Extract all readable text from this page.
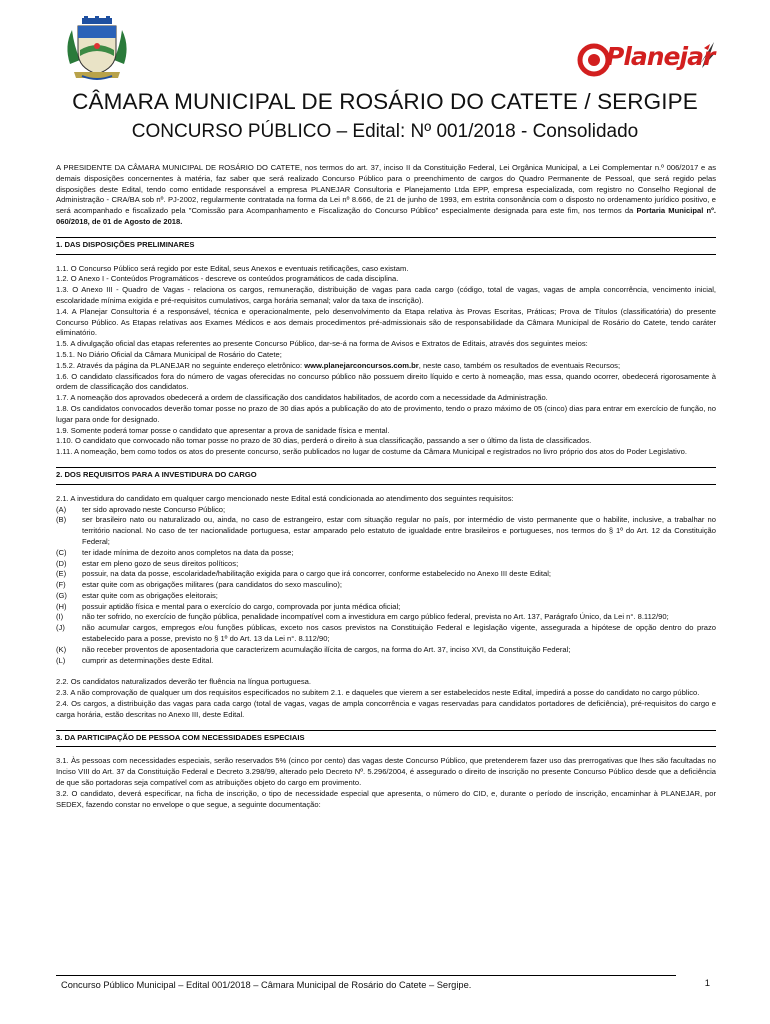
Planejar
CÂMARA MUNICIPAL DE ROSÁRIO DO CATETE / SERGIPE
CONCURSO PÚBLICO – Edital: Nº 001/2018 - Consolidado

A PRESIDENTE DA CÂMARA MUNICIPAL DE ROSÁRIO DO CATETE, nos termos do art. 37, inciso II da Constituição Federal, Lei Orgânica Municipal, a Lei Complementar n.º 006/2017 e as demais disposições concernentes à matéria, faz saber que será realizado Concurso Público para o preenchimento de cargos do Quadro Permanente de Pessoal, que será regido pelas disposições deste Edital, tendo como entidade responsável a empresa PLANEJAR Consultoria e Planejamento Ltda EPP, empresa especializada, com registro no Conselho Regional de Administração - CRA/BA sob nº. PJ-2002, regularmente contratada na forma da Lei nº 8.666, de 21 de junho de 1993, em estrita consonância com o disposto no ordenamento jurídico positivo, e será acompanhado e fiscalizado pela "Comissão para Acompanhamento e Fiscalização do Concurso Público" especialmente designada para este fim, nos termos da Portaria Municipal nº. 060/2018, de 01 de Agosto de 2018.

1. DAS DISPOSIÇÕES PRELIMINARES

1.1. O Concurso Público será regido por este Edital, seus Anexos e eventuais retificações, caso existam.

1.2. O Anexo I - Conteúdos Programáticos - descreve os conteúdos programáticos de cada disciplina.

1.3. O Anexo III - Quadro de Vagas - relaciona os cargos, remuneração, distribuição de vagas para cada cargo (código, total de vagas, vagas de ampla concorrência, vencimento inicial, escolaridade mínima exigida e pré-requisitos cumulativos, carga horária semanal; valor da taxa de inscrição).

1.4. A Planejar Consultoria é a responsável, técnica e operacionalmente, pelo desenvolvimento da Etapa relativa às Provas Escritas, Práticas; Prova de Títulos (classificatória) do presente Concurso Público. As Etapas relativas aos Exames Médicos e aos demais procedimentos pré-admissionais são de responsabilidade da Câmara Municipal de Rosário do Catete, tendo caráter eliminatório.

1.5. A divulgação oficial das etapas referentes ao presente Concurso Público, dar-se-á na forma de Avisos e Extratos de Editais, através dos seguintes meios:

1.5.1. No Diário Oficial da Câmara Municipal de Rosário do Catete;

1.5.2. Através da página da PLANEJAR no seguinte endereço eletrônico: www.planejarconcursos.com.br, neste caso, também os resultados de eventuais Recursos;

1.6. O candidato classificados fora do número de vagas oferecidas no concurso público não possuem direito líquido e certo à nomeação, mas essa, quando ocorrer, obedecerá rigorosamente à ordem de classificação dos candidatos.

1.7. A nomeação dos aprovados obedecerá a ordem de classificação dos candidatos habilitados, de acordo com a necessidade da Administração.

1.8. Os candidatos convocados deverão tomar posse no prazo de 30 dias após a publicação do ato de provimento, tendo o prazo máximo de 05 (cinco) dias para entrar em exercício de função, no lugar para onde for designado.

1.9. Somente poderá tomar posse o candidato que apresentar a prova de sanidade física e mental.

1.10. O candidato que convocado não tomar posse no prazo de 30 dias, perderá o direito à sua classificação, passando a ser o último da lista de classificados.

1.11. A nomeação, bem como todos os atos do presente concurso, serão publicados no lugar de costume da Câmara Municipal e registrados no livro próprio dos atos do Poder Legislativo.

2. DOS REQUISITOS PARA A INVESTIDURA DO CARGO

2.1. A investidura do candidato em qualquer cargo mencionado neste Edital está condicionada ao atendimento dos seguintes requisitos:

(A)	ter sido aprovado neste Concurso Público;
(B)	ser brasileiro nato ou naturalizado ou, ainda, no caso de estrangeiro, estar com situação regular no país, por intermédio de visto permanente que o habilite, inclusive, a trabalhar no território nacional. No caso de ter nacionalidade portuguesa, estar amparado pelo estatuto de igualdade entre brasileiros e portugueses, nos termos do § 1º do Art. 12 da Constituição Federal;
(C)	ter idade mínima de dezoito anos completos na data da posse;
(D)	estar em pleno gozo de seus direitos políticos;
(E)	possuir, na data da posse, escolaridade/habilitação exigida para o cargo que irá concorrer, conforme estabelecido no Anexo III deste Edital;
(F)	estar quite com as obrigações militares (para candidatos do sexo masculino);
(G)	estar quite com as obrigações eleitorais;
(H)	possuir aptidão física e mental para o exercício do cargo, comprovada por junta médica oficial;
(I)	não ter sofrido, no exercício de função pública, penalidade incompatível com a investidura em cargo público federal, prevista no Art. 137, Parágrafo Único, da Lei n°. 8.112/90;
(J)	não acumular cargos, empregos e/ou funções públicas, exceto nos casos previstos na Constituição Federal e legislação vigente, assegurada a hipótese de opção dentro do prazo estabelecido para a posse, previsto no § 1º do Art. 13 da Lei n°. 8.112/90;
(K)	não receber proventos de aposentadoria que caracterizem acumulação ilícita de cargos, na forma do Art. 37, inciso XVI, da Constituição Federal;
(L)	cumprir as determinações deste Edital.

2.2. Os candidatos naturalizados deverão ter fluência na língua portuguesa.

2.3. A não comprovação de qualquer um dos requisitos especificados no subitem 2.1. e daqueles que vierem a ser estabelecidos neste Edital, impedirá a posse do candidato no cargo público.

2.4. Os cargos, a distribuição das vagas para cada cargo (total de vagas, vagas de ampla concorrência e vagas reservadas para candidatos portadores de deficiência), pré-requisitos do cargo e carga horária, estão descritas no Anexo III, deste Edital.

3. DA PARTICIPAÇÃO DE PESSOA COM NECESSIDADES ESPECIAIS

3.1. Às pessoas com necessidades especiais, serão reservados 5% (cinco por cento) das vagas deste Concurso Público, que pretenderem fazer uso das prerrogativas que lhes são facultadas no Inciso VIII do Art. 37 da Constituição Federal e Decreto 3.298/99, alterado pelo Decreto Nº. 5.296/2004, é assegurado o direito de inscrição no presente Concurso Público desde que a deficiência de que são portadoras seja compatível com as atribuições objeto do cargo em provimento.

3.2. O candidato, deverá especificar, na ficha de inscrição, o tipo de necessidade especial que apresenta, o número do CID, e, durante o período de inscrição, encaminhar à PLANEJAR, por SEDEX, fazendo constar no envelope o que segue, a seguinte documentação:

Concurso Público Municipal – Edital 001/2018 – Câmara Municipal de Rosário do Catete – Sergipe.	1
